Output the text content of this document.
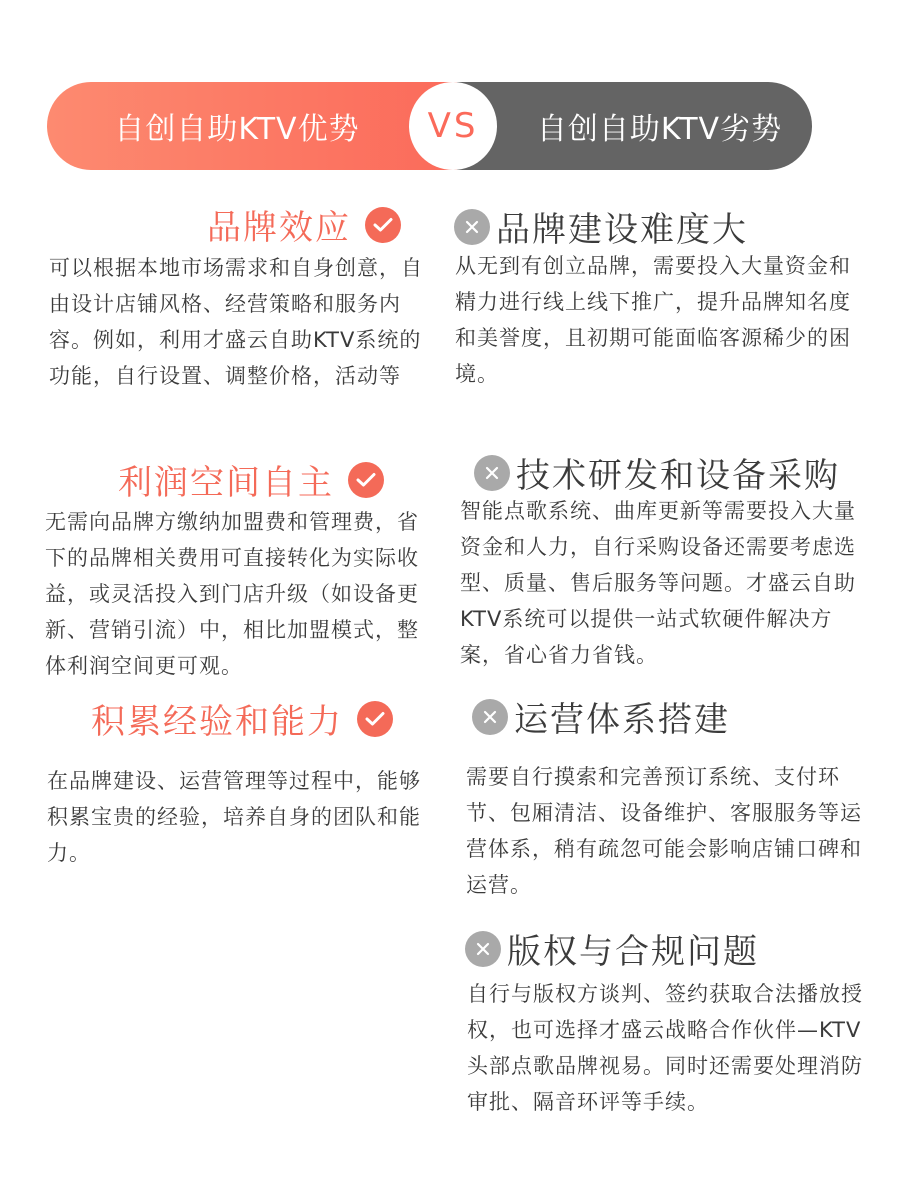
自创自助KTV优势	自创自助KTV劣势
VS
品牌效应
可以根据本地市场需求和自身创意，自由设计店铺风格、经营策略和服务内容。例如，利用才盛云自助KTV系统的功能，自行设置、调整价格，活动等
利润空间自主
无需向品牌方缴纳加盟费和管理费，省下的品牌相关费用可直接转化为实际收益，或灵活投入到门店升级（如设备更新、营销引流）中，相比加盟模式，整体利润空间更可观。
积累经验和能力
在品牌建设、运营管理等过程中，能够积累宝贵的经验，培养自身的团队和能力。
品牌建设难度大
从无到有创立品牌，需要投入大量资金和精力进行线上线下推广，提升品牌知名度和美誉度，且初期可能面临客源稀少的困境。
技术研发和设备采购
智能点歌系统、曲库更新等需要投入大量资金和人力，自行采购设备还需要考虑选型、质量、售后服务等问题。才盛云自助KTV系统可以提供一站式软硬件解决方案，省心省力省钱。
运营体系搭建
需要自行摸索和完善预订系统、支付环节、包厢清洁、设备维护、客服服务等运营体系，稍有疏忽可能会影响店铺口碑和运营。
版权与合规问题
自行与版权方谈判、签约获取合法播放授权，也可选择才盛云战略合作伙伴—KTV头部点歌品牌视易。同时还需要处理消防审批、隔音环评等手续。
